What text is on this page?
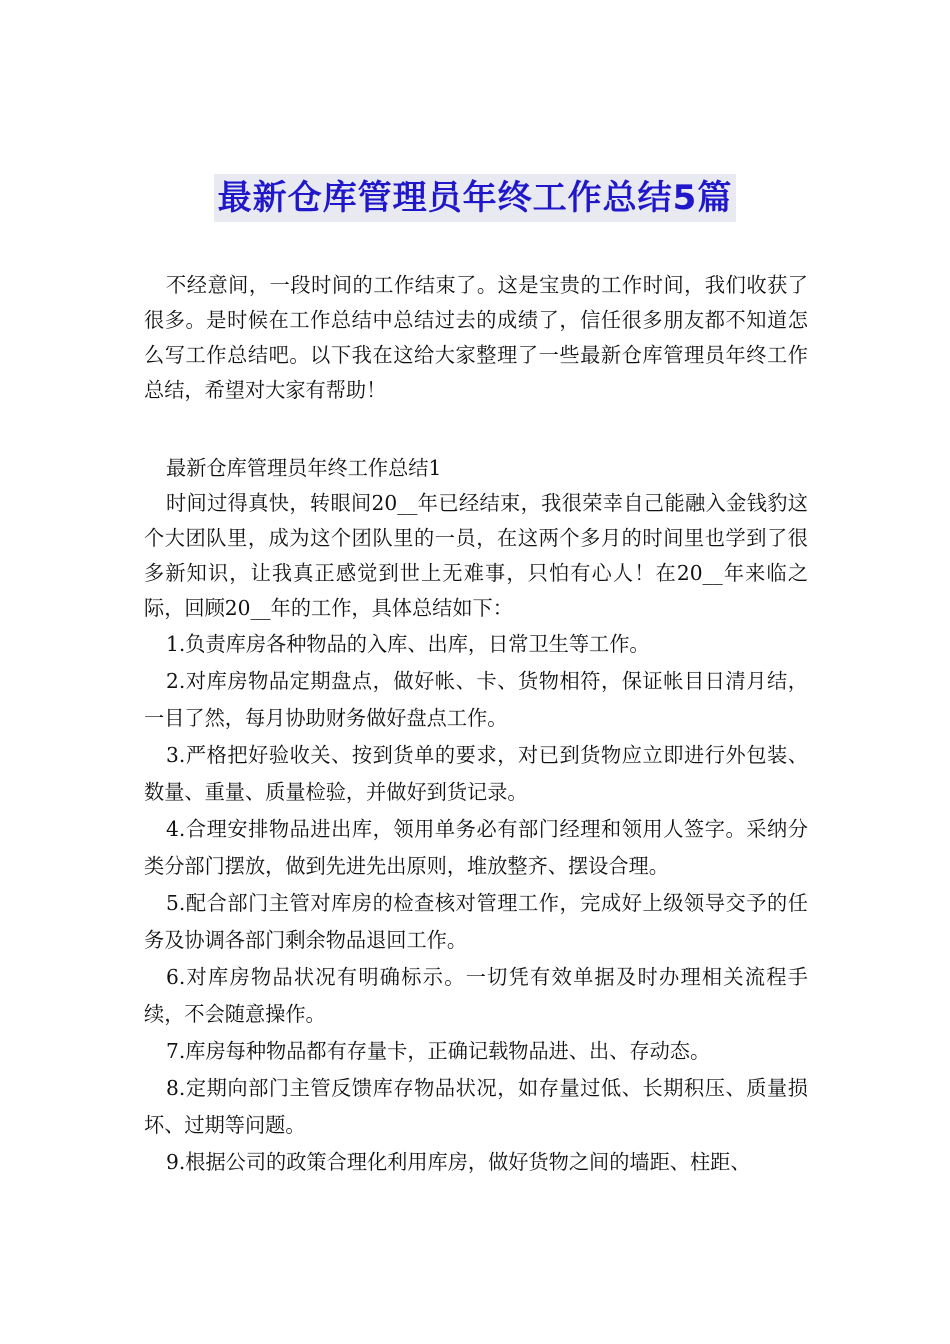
最新仓库管理员年终工作总结5篇

不经意间，一段时间的工作结束了。这是宝贵的工作时间，我们收获了很多。是时候在工作总结中总结过去的成绩了，信任很多朋友都不知道怎么写工作总结吧。以下我在这给大家整理了一些最新仓库管理员年终工作总结，希望对大家有帮助！

最新仓库管理员年终工作总结1

时间过得真快，转眼间20__年已经结束，我很荣幸自己能融入金钱豹这个大团队里，成为这个团队里的一员，在这两个多月的时间里也学到了很多新知识，让我真正感觉到世上无难事，只怕有心人！在20__年来临之际，回顾20__年的工作，具体总结如下：

1.负责库房各种物品的入库、出库，日常卫生等工作。

2.对库房物品定期盘点，做好帐、卡、货物相符，保证帐目日清月结，一目了然，每月协助财务做好盘点工作。

3.严格把好验收关、按到货单的要求，对已到货物应立即进行外包装、数量、重量、质量检验，并做好到货记录。

4.合理安排物品进出库，领用单务必有部门经理和领用人签字。采纳分类分部门摆放，做到先进先出原则，堆放整齐、摆设合理。

5.配合部门主管对库房的检查核对管理工作，完成好上级领导交予的任务及协调各部门剩余物品退回工作。

6.对库房物品状况有明确标示。一切凭有效单据及时办理相关流程手续，不会随意操作。

7.库房每种物品都有存量卡，正确记载物品进、出、存动态。

8.定期向部门主管反馈库存物品状况，如存量过低、长期积压、质量损坏、过期等问题。

9.根据公司的政策合理化利用库房，做好货物之间的墙距、柱距、
